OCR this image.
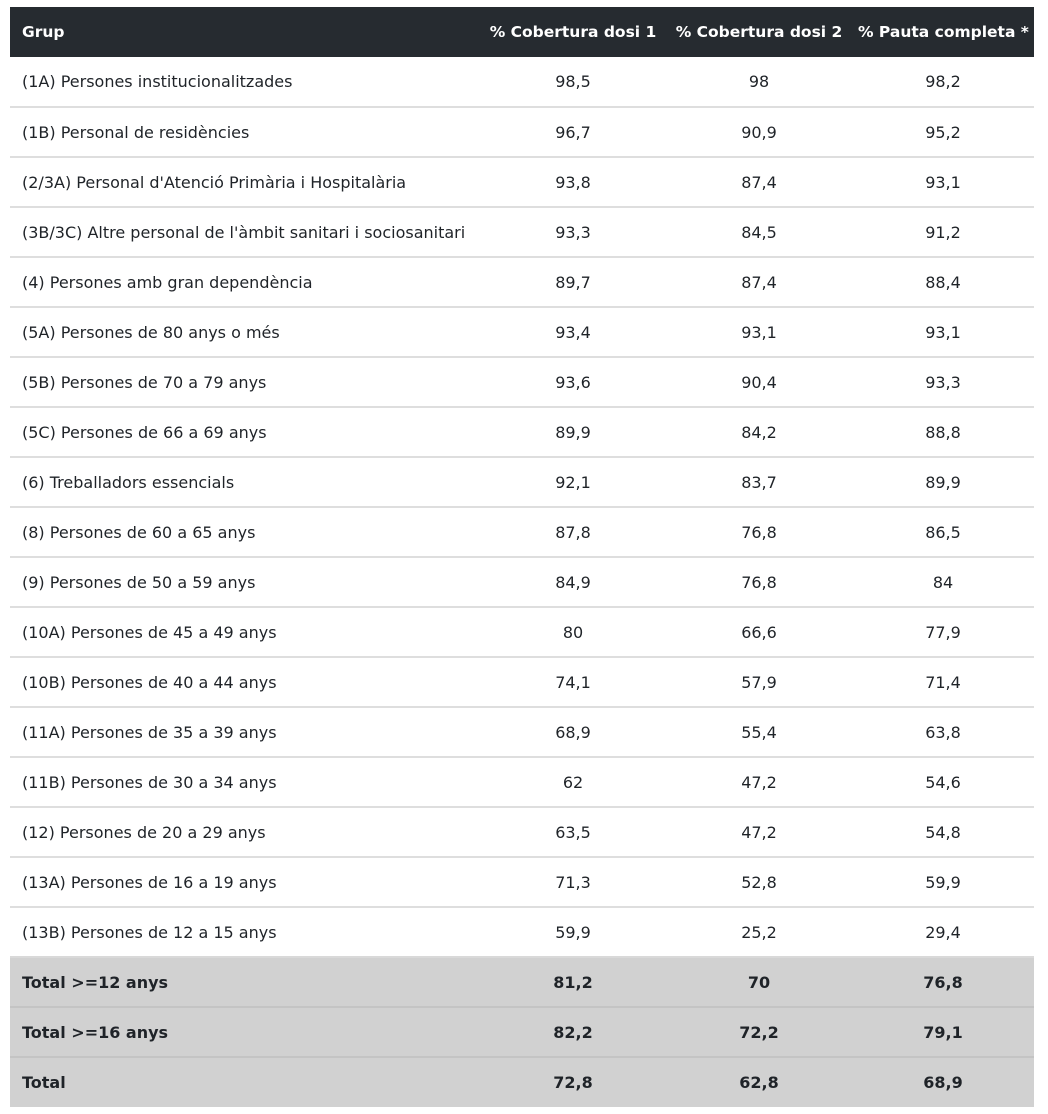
Grup	% Cobertura dosi 1	% Cobertura dosi 2	% Pauta completa *
(1A) Persones institucionalitzades	98,5	98	98,2
(1B) Personal de residències	96,7	90,9	95,2
(2/3A) Personal d'Atenció Primària i Hospitalària	93,8	87,4	93,1
(3B/3C) Altre personal de l'àmbit sanitari i sociosanitari	93,3	84,5	91,2
(4) Persones amb gran dependència	89,7	87,4	88,4
(5A) Persones de 80 anys o més	93,4	93,1	93,1
(5B) Persones de 70 a 79 anys	93,6	90,4	93,3
(5C) Persones de 66 a 69 anys	89,9	84,2	88,8
(6) Treballadors essencials	92,1	83,7	89,9
(8) Persones de 60 a 65 anys	87,8	76,8	86,5
(9) Persones de 50 a 59 anys	84,9	76,8	84
(10A) Persones de 45 a 49 anys	80	66,6	77,9
(10B) Persones de 40 a 44 anys	74,1	57,9	71,4
(11A) Persones de 35 a 39 anys	68,9	55,4	63,8
(11B) Persones de 30 a 34 anys	62	47,2	54,6
(12) Persones de 20 a 29 anys	63,5	47,2	54,8
(13A) Persones de 16 a 19 anys	71,3	52,8	59,9
(13B) Persones de 12 a 15 anys	59,9	25,2	29,4
Total >=12 anys	81,2	70	76,8
Total >=16 anys	82,2	72,2	79,1
Total	72,8	62,8	68,9
